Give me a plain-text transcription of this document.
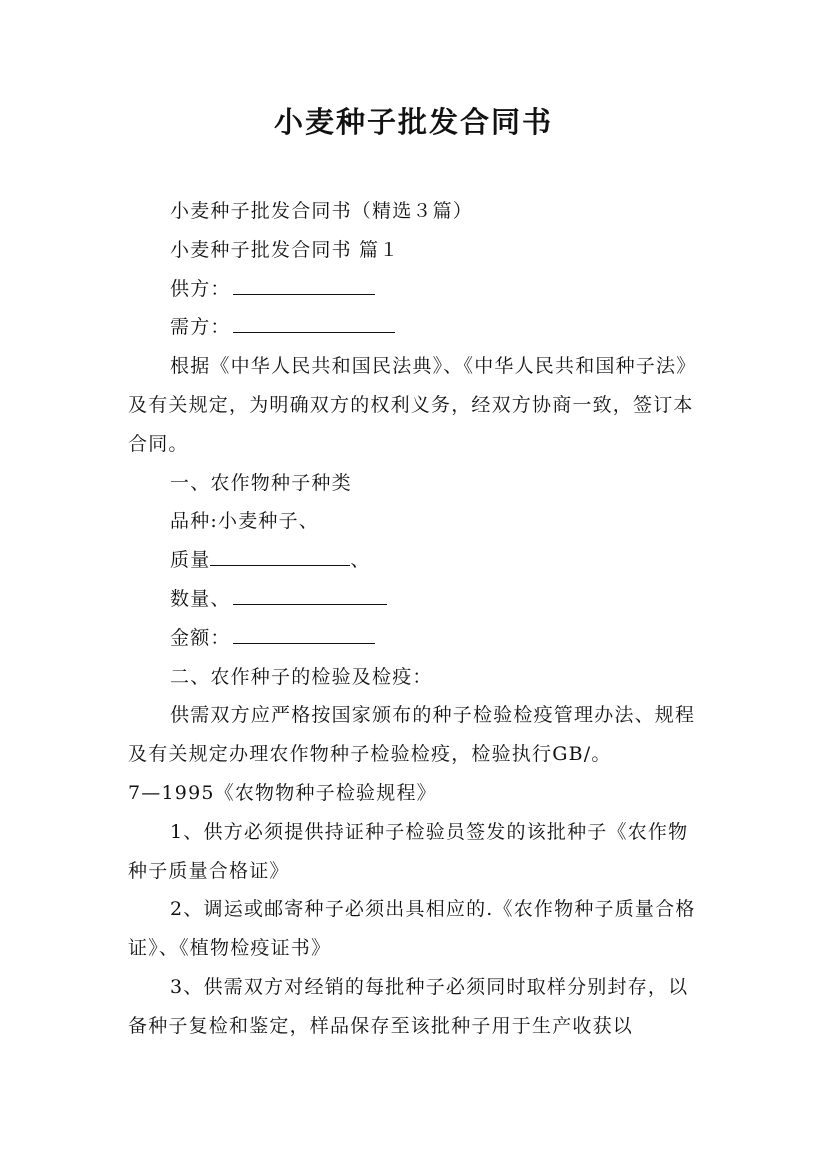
小麦种子批发合同书

小麦种子批发合同书（精选３篇）

小麦种子批发合同书 篇１

供方：

需方：

根据《中华人民共和国民法典》、《中华人民共和国种子法》及有关规定，为明确双方的权利义务，经双方协商一致，签订本合同。

一、农作物种子种类

品种:小麦种子、

质量	、

数量、

金额：

二、农作种子的检验及检疫：

供需双方应严格按国家颁布的种子检验检疫管理办法、规程及有关规定办理农作物种子检验检疫，检验执行GB/。

7—1995《农物物种子检验规程》

1、供方必须提供持证种子检验员签发的该批种子《农作物种子质量合格证》

2、调运或邮寄种子必须出具相应的.《农作物种子质量合格证》、《植物检疫证书》

3、供需双方对经销的每批种子必须同时取样分别封存，以备种子复检和鉴定，样品保存至该批种子用于生产收获以
